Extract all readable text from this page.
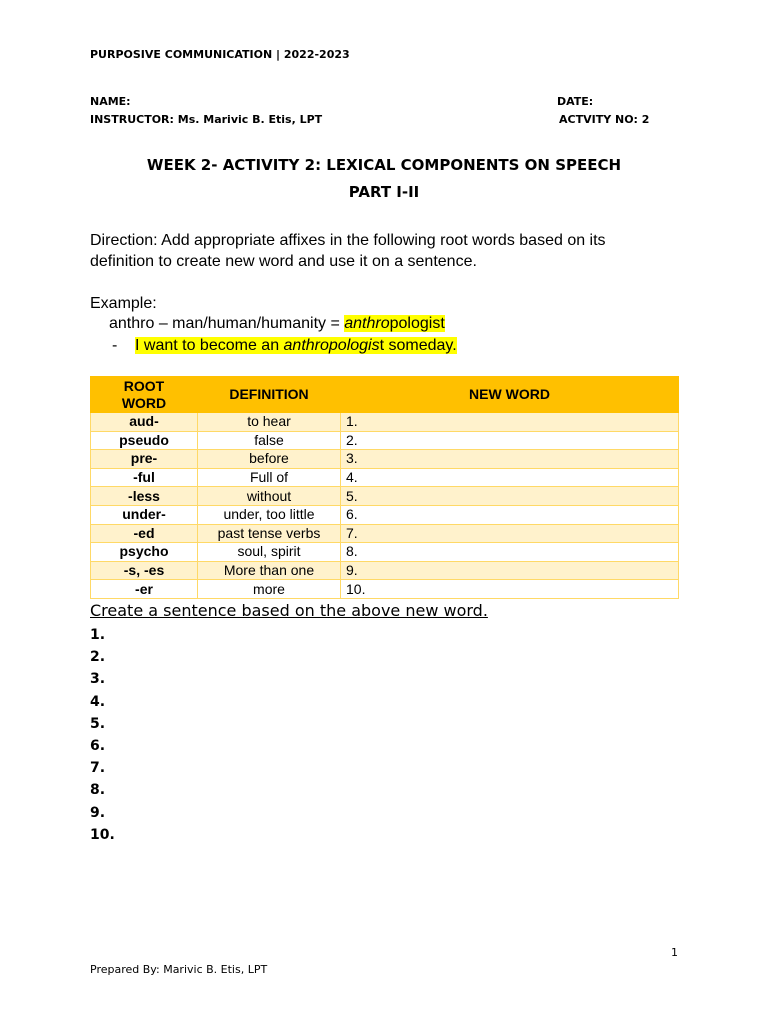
PURPOSIVE COMMUNICATION | 2022-2023
NAME:	DATE:
INSTRUCTOR: Ms. Marivic B. Etis, LPT	ACTVITY NO: 2
WEEK 2- ACTIVITY 2: LEXICAL COMPONENTS ON SPEECH
PART I-II
Direction: Add appropriate affixes in the following root words based on its
definition to create new word and use it on a sentence.
Example:
anthro – man/human/humanity = anthropologist
- I want to become an anthropologist someday.
ROOT
WORD	DEFINITION	NEW WORD
aud-	to hear	1.
pseudo	false	2.
pre-	before	3.
-ful	Full of	4.
-less	without	5.
under-	under, too little	6.
-ed	past tense verbs	7.
psycho	soul, spirit	8.
-s, -es	More than one	9.
-er	more	10.
Create a sentence based on the above new word.
1.
2.
3.
4.
5.
6.
7.
8.
9.
10.
1
Prepared By: Marivic B. Etis, LPT
